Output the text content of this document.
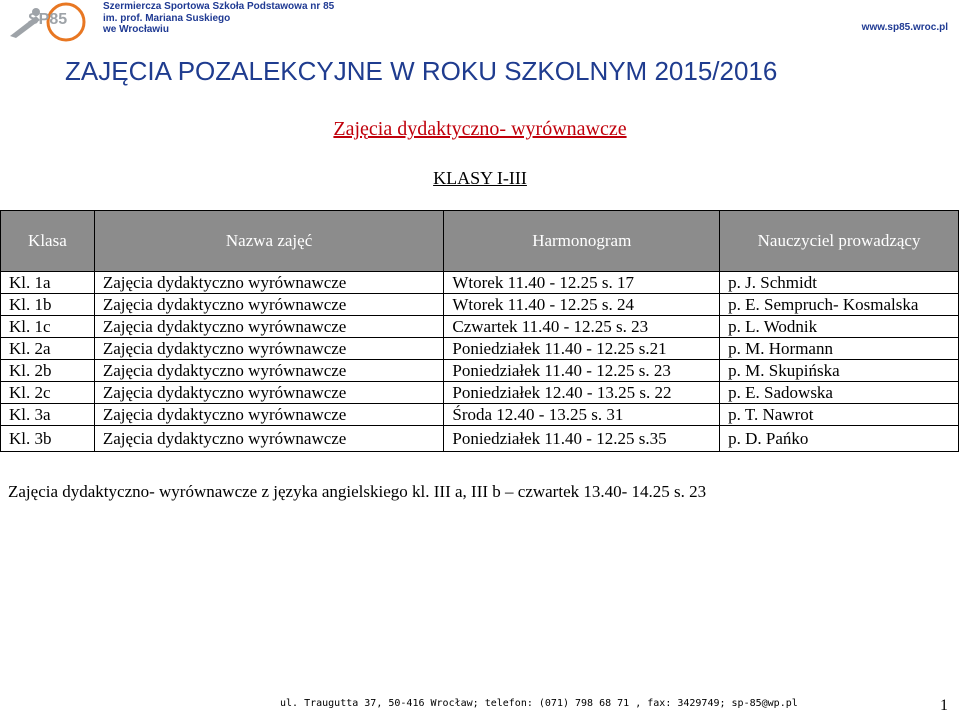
SP85
Szermiercza Sportowa Szkoła Podstawowa nr 85
im. prof. Mariana Suskiego
we Wrocławiu	www.sp85.wroc.pl
ZAJĘCIA POZALEKCYJNE W ROKU SZKOLNYM 2015/2016
Zajęcia dydaktyczno- wyrównawcze
KLASY I-III
Klasa	Nazwa zajęć	Harmonogram	Nauczyciel prowadzący
Kl. 1a	Zajęcia dydaktyczno wyrównawcze	Wtorek 11.40 - 12.25 s. 17	p. J. Schmidt
Kl. 1b	Zajęcia dydaktyczno wyrównawcze	Wtorek 11.40 - 12.25 s. 24	p. E. Sempruch- Kosmalska
Kl. 1c	Zajęcia dydaktyczno wyrównawcze	Czwartek 11.40 - 12.25 s. 23	p. L. Wodnik
Kl. 2a	Zajęcia dydaktyczno wyrównawcze	Poniedziałek 11.40 - 12.25 s.21	p. M. Hormann
Kl. 2b	Zajęcia dydaktyczno wyrównawcze	Poniedziałek 11.40 - 12.25 s. 23	p. M. Skupińska
Kl. 2c	Zajęcia dydaktyczno wyrównawcze	Poniedziałek 12.40 - 13.25 s. 22	p. E. Sadowska
Kl. 3a	Zajęcia dydaktyczno wyrównawcze	Środa 12.40 - 13.25 s. 31	p. T. Nawrot
Kl. 3b	Zajęcia dydaktyczno wyrównawcze	Poniedziałek 11.40 - 12.25 s.35	p. D. Pańko
Zajęcia dydaktyczno- wyrównawcze z języka angielskiego kl. III a, III b – czwartek 13.40- 14.25 s. 23
ul. Traugutta 37, 50-416 Wrocław; telefon: (071) 798 68 71 , fax: 3429749; sp-85@wp.pl	1
